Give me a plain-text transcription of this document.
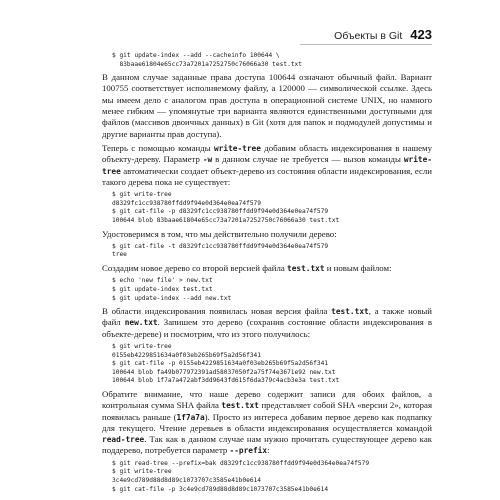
Объекты в Git 423
$ git update-index --add --cacheinfo 100644 \
83baae61804e65cc73a7201a7252750c76066a30 test.txt
В данном случае заданные права доступа 100644 означают обычный файл. Вариант 100755 соответствует исполняемому файлу, а 120000 — символической ссылке. Здесь мы имеем дело с аналогом прав доступа в операционной системе UNIX, но намного менее гибким — упомянутые три варианта являются единственными доступными для файлов (массивов двоичных данных) в Git (хотя для папок и подмодулей допустимы и другие варианты прав доступа).
Теперь с помощью команды write-tree добавим область индексирования в нашему объекту-дереву. Параметр -w в данном случае не требуется — вызов команды write-tree автоматически создает объект-дерево из состояния области индексирования, если такого дерева пока не существует:
$ git write-tree
d8329fc1cc938780ffdd9f94e0d364e0ea74f579
$ git cat-file -p d8329fc1cc938780ffdd9f94e0d364e0ea74f579
100644 blob 83baae61804e65cc73a7201a7252750c76066a30 test.txt
Удостоверимся в том, что мы действительно получили дерево:
$ git cat-file -t d8329fc1cc938780ffdd9f94e0d364e0ea74f579
tree
Создадим новое дерево со второй версией файла test.txt и новым файлом:
$ echo 'new file' > new.txt
$ git update-index test.txt
$ git update-index --add new.txt
В области индексирования появилась новая версия файла test.txt, а также новый файл new.txt. Запишем это дерево (сохранив состояние области индексирования в объекте-дереве) и посмотрим, что из этого получилось:
$ git write-tree
0155eb4229851634a0f03eb265b69f5a2d56f341
$ git cat-file -p 0155eb4229851634a0f03eb265b69f5a2d56f341
100644 blob fa49b077972391ad58037050f2a75f74e3671e92 new.txt
100644 blob 1f7a7a472abf3dd9643fd615f6da379c4acb3e3a test.txt
Обратите внимание, что наше дерево содержит записи для обоих файлов, а контрольная сумма SHA файла test.txt представляет собой SHA «версии 2», которая появилась раньше (1f7a7a). Просто из интереса добавим первое дерево как подпапку для текущего. Чтение деревьев в области индексирования осуществляется командой read-tree. Так как в данном случае нам нужно прочитать существующее дерево как поддерево, потребуется параметр --prefix:
$ git read-tree --prefix=bak d8329fc1cc938780ffdd9f94e0d364e0ea74f579
$ git write-tree
3c4e9cd789d88d8d89c1073707c3585e41b0e614
$ git cat-file -p 3c4e9cd789d88d8d89c1073707c3585e41b0e614
